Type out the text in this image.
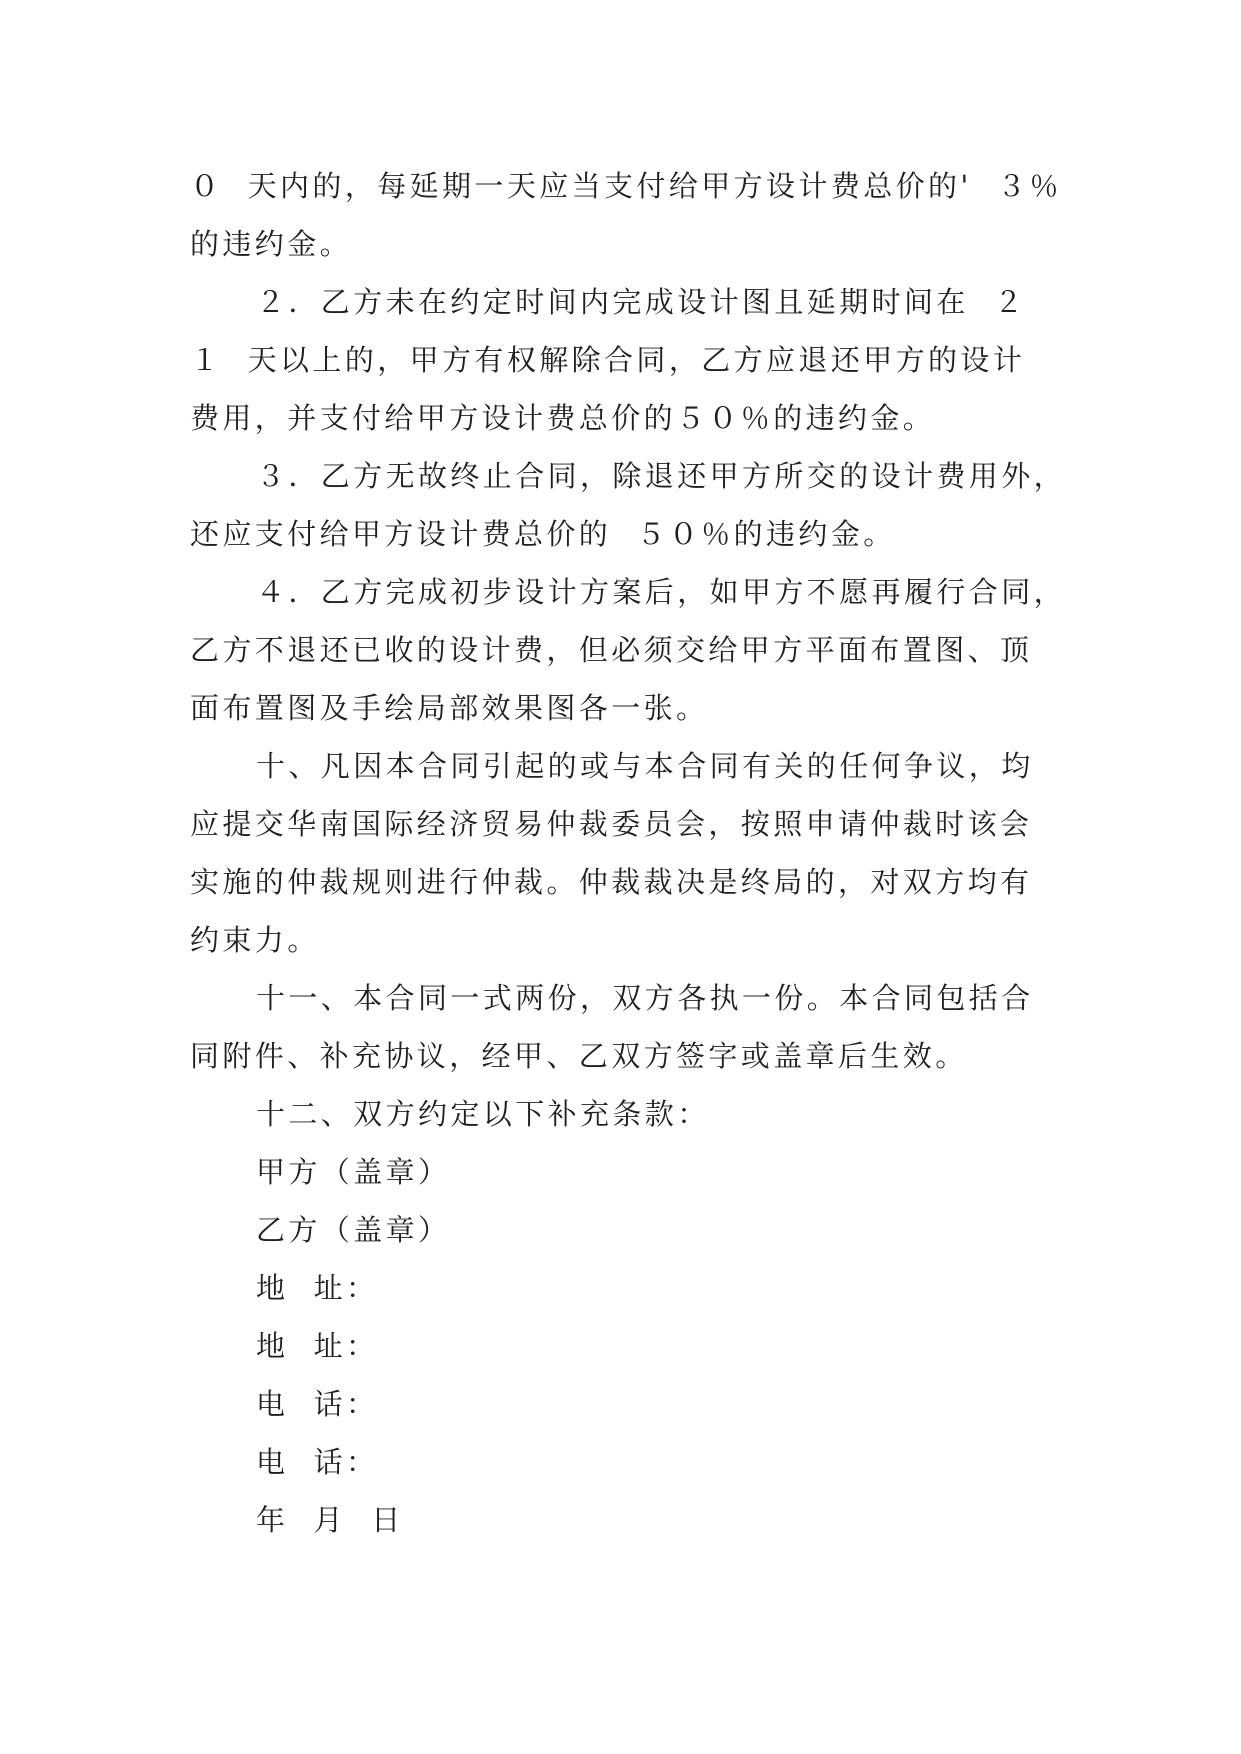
０  天内的，每延期一天应当支付给甲方设计费总价的'  ３％
的违约金。
２．乙方未在约定时间内完成设计图且延期时间在  ２
１  天以上的，甲方有权解除合同，乙方应退还甲方的设计
费用，并支付给甲方设计费总价的５０％的违约金。
３．乙方无故终止合同，除退还甲方所交的设计费用外，
还应支付给甲方设计费总价的  ５０％的违约金。
４．乙方完成初步设计方案后，如甲方不愿再履行合同，
乙方不退还已收的设计费，但必须交给甲方平面布置图、顶
面布置图及手绘局部效果图各一张。
十、凡因本合同引起的或与本合同有关的任何争议，均
应提交华南国际经济贸易仲裁委员会，按照申请仲裁时该会
实施的仲裁规则进行仲裁。仲裁裁决是终局的，对双方均有
约束力。
十一、本合同一式两份，双方各执一份。本合同包括合
同附件、补充协议，经甲、乙双方签字或盖章后生效。
十二、双方约定以下补充条款：
甲方（盖章）
乙方（盖章）
地  址：
地  址：
电  话：
电  话：
年  月  日
